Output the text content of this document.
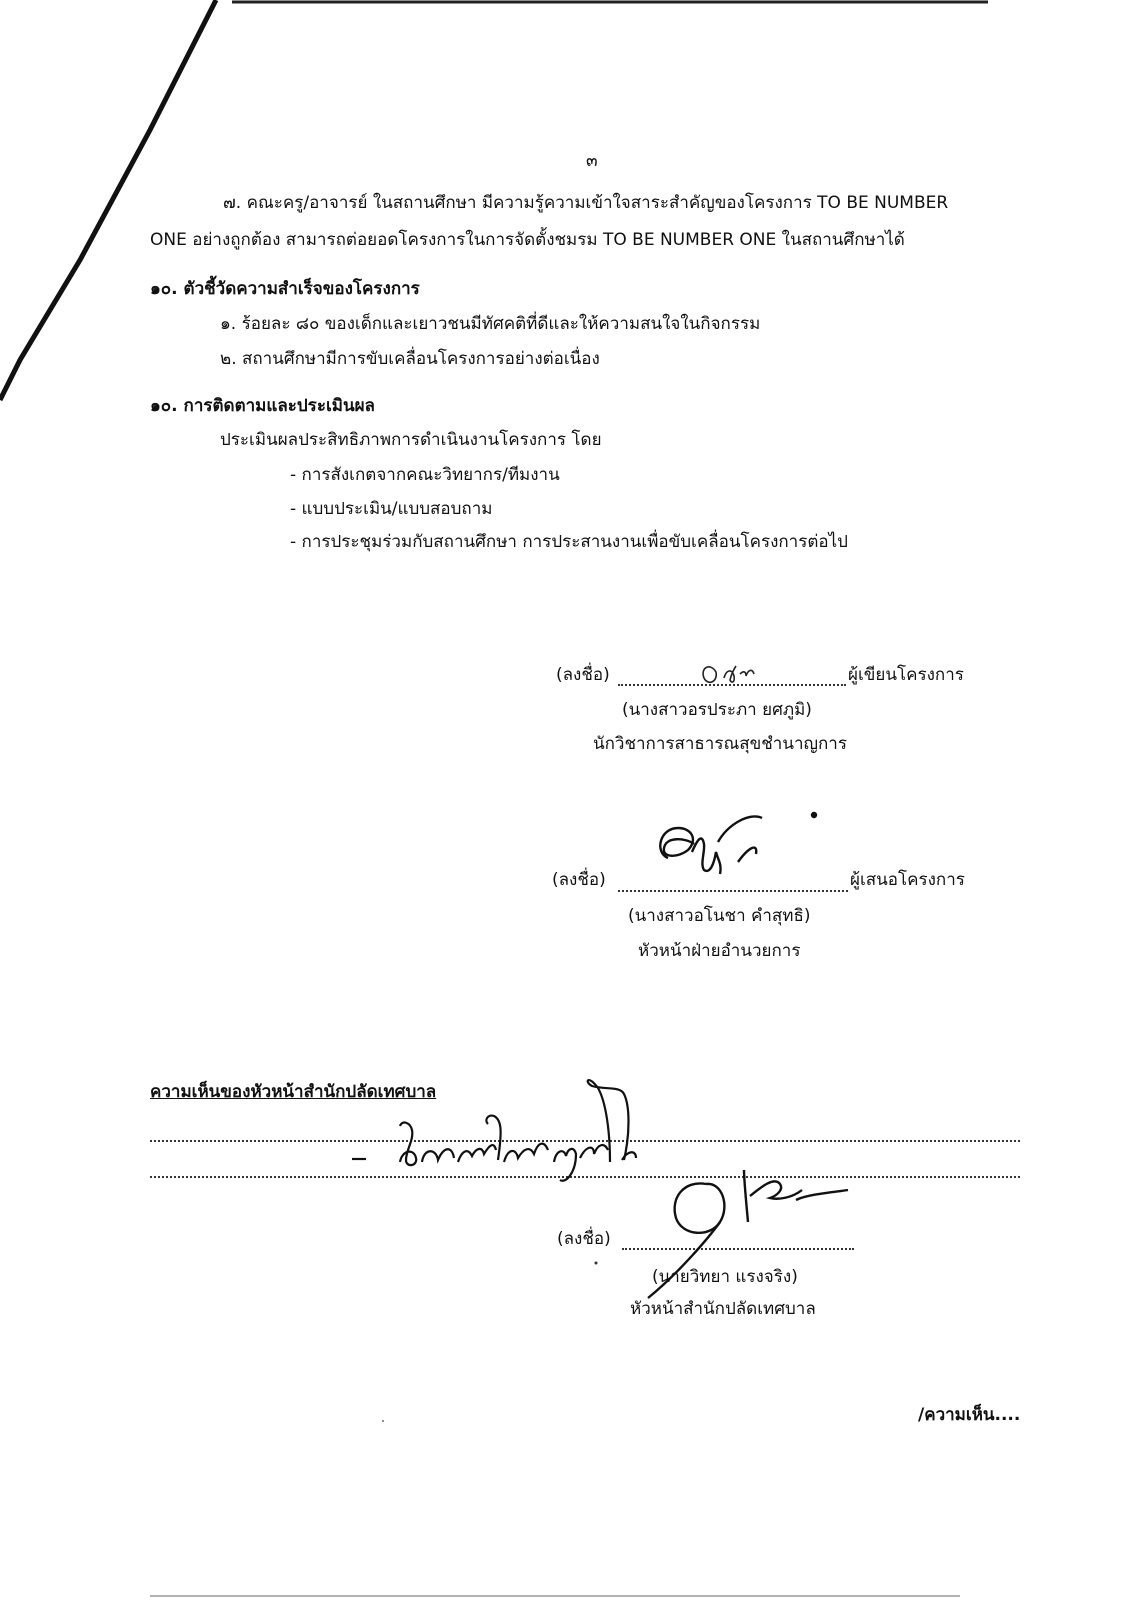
๓
๗. คณะครู/อาจารย์ ในสถานศึกษา มีความรู้ความเข้าใจสาระสำคัญของโครงการ TO BE NUMBER
ONE อย่างถูกต้อง สามารถต่อยอดโครงการในการจัดตั้งชมรม TO BE NUMBER ONE ในสถานศึกษาได้
๑๐. ตัวชี้วัดความสำเร็จของโครงการ
๑. ร้อยละ ๘๐ ของเด็กและเยาวชนมีทัศคติที่ดีและให้ความสนใจในกิจกรรม
๒. สถานศึกษามีการขับเคลื่อนโครงการอย่างต่อเนื่อง
๑๐. การติดตามและประเมินผล
ประเมินผลประสิทธิภาพการดำเนินงานโครงการ โดย
- การสังเกตจากคณะวิทยากร/ทีมงาน
- แบบประเมิน/แบบสอบถาม
- การประชุมร่วมกับสถานศึกษา การประสานงานเพื่อขับเคลื่อนโครงการต่อไป
(ลงชื่อ)	ผู้เขียนโครงการ
(นางสาวอรประภา ยศภูมิ)
นักวิชาการสาธารณสุขชำนาญการ
(ลงชื่อ)	ผู้เสนอโครงการ
(นางสาวอโนชา คำสุทธิ)
หัวหน้าฝ่ายอำนวยการ
ความเห็นของหัวหน้าสำนักปลัดเทศบาล
(ลงชื่อ)
(นายวิทยา แรงจริง)
หัวหน้าสำนักปลัดเทศบาล
/ความเห็น....
